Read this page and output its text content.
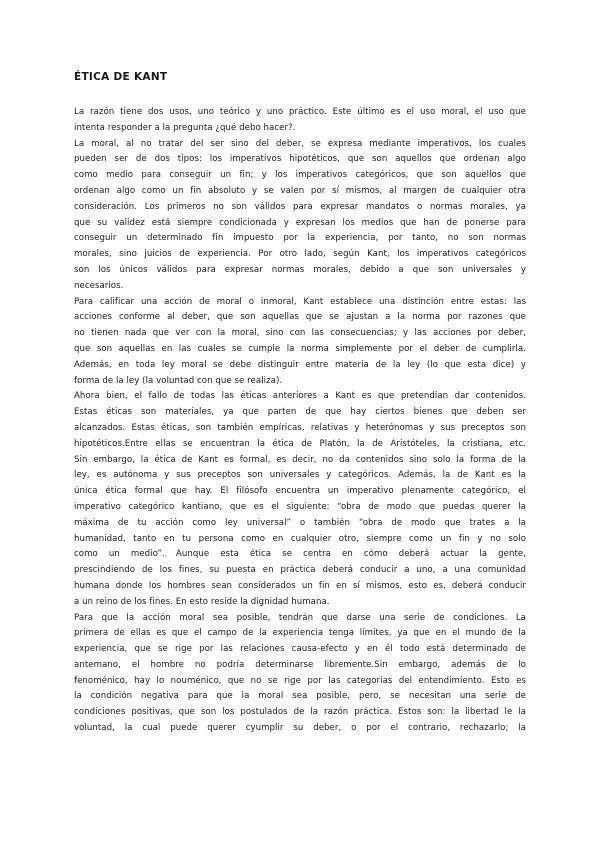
ÉTICA DE KANT
La razón tiene dos usos, uno teórico y uno práctico. Este último es el uso moral, el uso que
intenta responder a la pregunta ¿qué debo hacer?.
La moral, al no tratar del ser sino del deber, se expresa mediante imperativos, los cuales
pueden ser de dos tipos: los imperativos hipotéticos, que son aquellos que ordenan algo
como medio para conseguir un fin; y los imperativos categóricos, que son aquellos que
ordenan algo como un fin absoluto y se valen por sí mismos, al margen de cualquier otra
consideración. Los primeros no son válidos para expresar mandatos o normas morales, ya
que su validez está siempre condicionada y expresan los medios que han de ponerse para
conseguir un determinado fin impuesto por la experiencia, por tanto, no son normas
morales, sino juicios de experiencia. Por otro lado, según Kant, los imperativos categóricos
son los únicos válidos para expresar normas morales, debido a que son universales y
necesarios.
Para calificar una acción de moral o inmoral, Kant establece una distinción entre estas: las
acciones conforme al deber, que son aquellas que se ajustan a la norma por razones que
no tienen nada que ver con la moral, sino con las consecuencias; y las acciones por deber,
que son aquellas en las cuales se cumple la norma simplemente por el deber de cumplirla.
Además, en toda ley moral se debe distinguir entre materia de la ley (lo que esta dice) y
forma de la ley (la voluntad con que se realiza).
Ahora bien, el fallo de todas las éticas anteriores a Kant es que pretendían dar contenidos.
Estas éticas son materiales, ya que parten de que hay ciertos bienes que deben ser
alcanzados. Estas éticas, son también empíricas, relativas y heterónomas y sus preceptos son
hipotéticos.Entre ellas se encuentran la ética de Platón, la de Aristóteles, la cristiana, etc.
Sin embargo, la ética de Kant es formal, es decir, no da contenidos sino solo la forma de la
ley, es autónoma y sus preceptos son universales y categóricos. Además, la de Kant es la
única ética formal que hay. El filósofo encuentra un imperativo plenamente categórico, el
imperativo categórico kantiano, que es el siguiente: “obra de modo que puedas querer la
máxima de tu acción como ley universal” o también “obra de modo que trates a la
humanidad, tanto en tu persona como en cualquier otro, siempre como un fin y no solo
como un medio”. Aunque esta ética se centra en cómo deberá actuar la gente,
prescindiendo de los fines, su puesta en práctica deberá conducir a uno, a una comunidad
humana donde los hombres sean considerados un fin en sí mismos, esto es, deberá conducir
a un reino de los fines. En esto reside la dignidad humana.
Para que la acción moral sea posible, tendrán que darse una serie de condiciones. La
primera de ellas es que el campo de la experiencia tenga límites, ya que en el mundo de la
experiencia, que se rige por las relaciones causa-efecto y en él todo está determinado de
antemano, el hombre no podría determinarse libremente.Sin embargo, además de lo
fenoménico, hay lo nouménico, que no se rige por las categorías del entendimiento. Esto es
la condición negativa para que la moral sea posible, pero, se necesitan una serie de
condiciones positivas, que son los postulados de la razón práctica. Estos son: la libertad le la
voluntad, la cual puede querer cyumplir su deber, o por el contrario, rechazarlo; la
